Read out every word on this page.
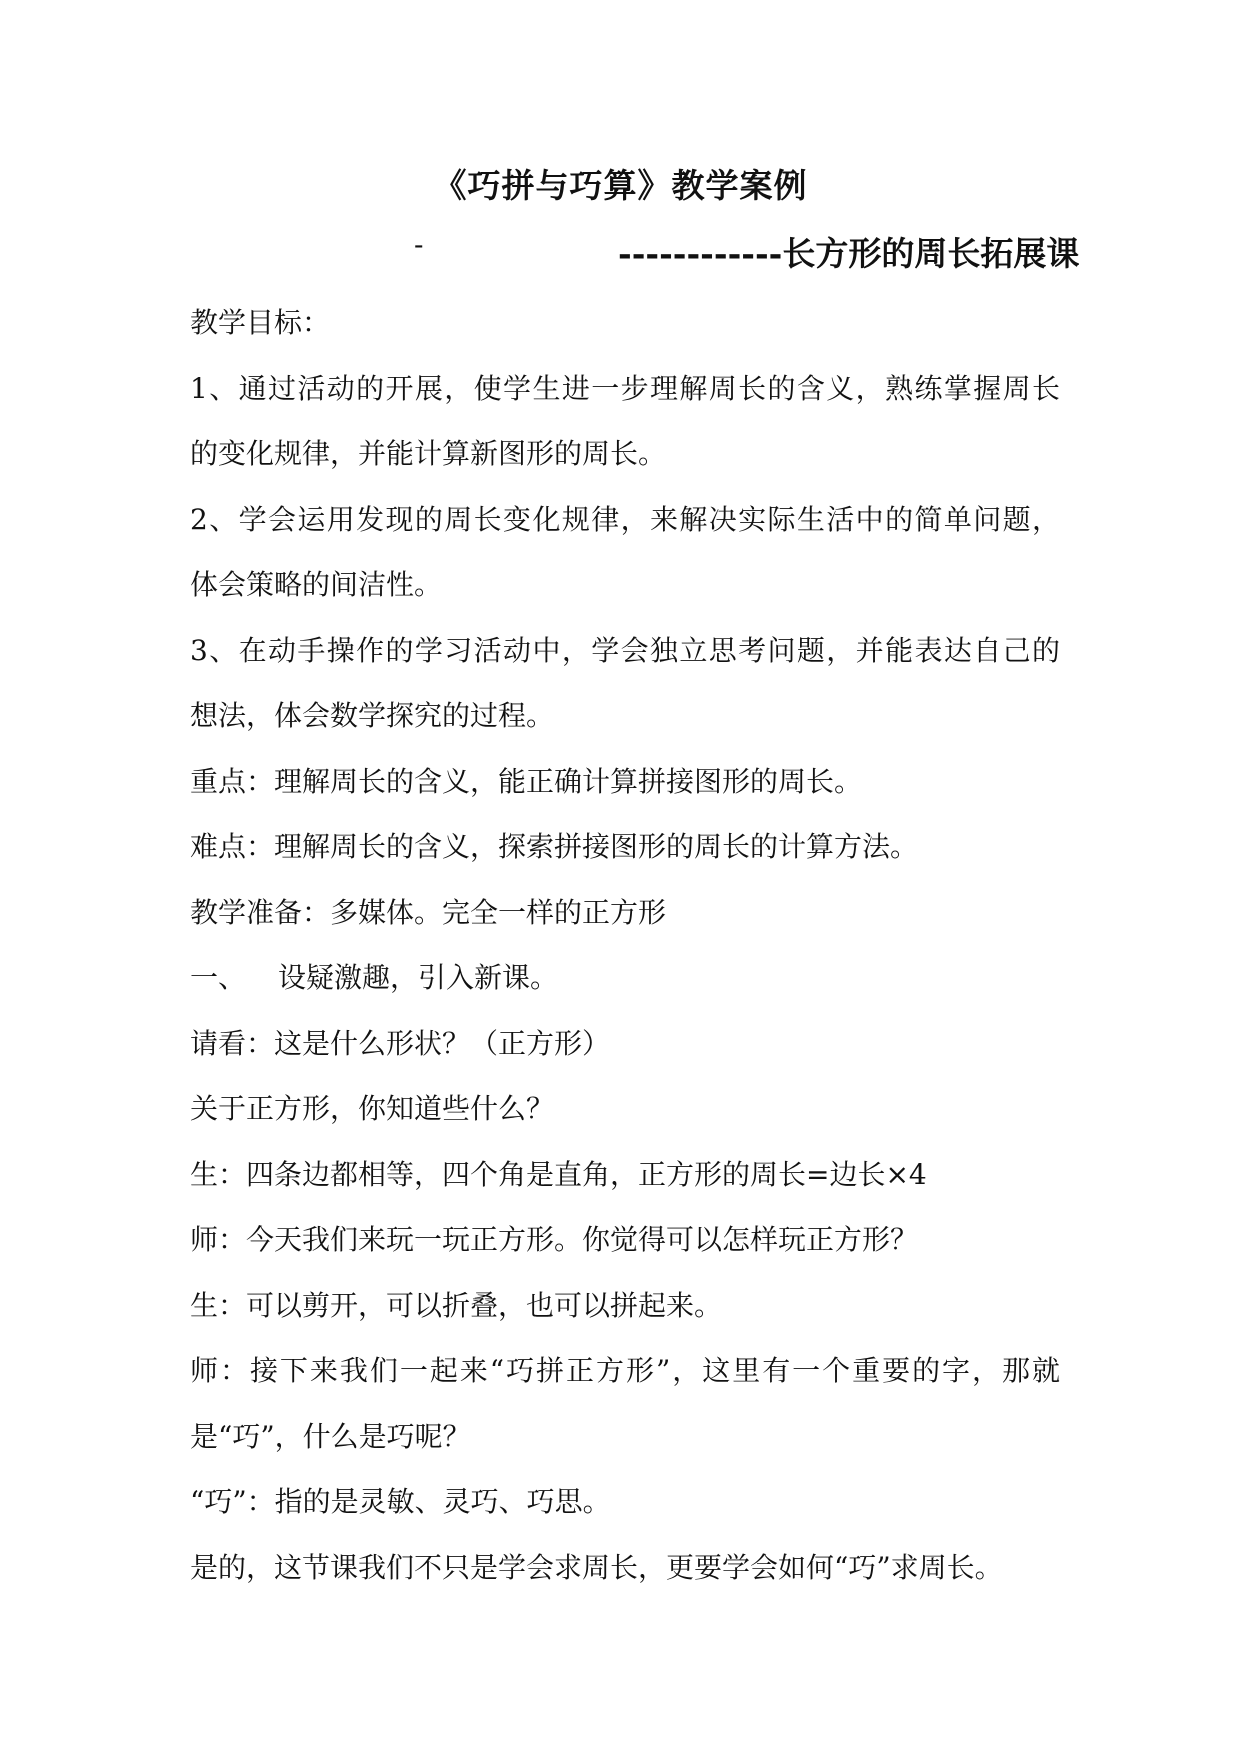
《巧拼与巧算》教学案例
-	------------长方形的周长拓展课
教学目标：
1、通过活动的开展，使学生进一步理解周长的含义，熟练掌握周长
的变化规律，并能计算新图形的周长。
2、学会运用发现的周长变化规律，来解决实际生活中的简单问题，
体会策略的间洁性。
3、在动手操作的学习活动中，学会独立思考问题，并能表达自己的
想法，体会数学探究的过程。
重点：理解周长的含义，能正确计算拼接图形的周长。
难点：理解周长的含义，探索拼接图形的周长的计算方法。
教学准备：多媒体。完全一样的正方形
一、 设疑激趣，引入新课。
请看：这是什么形状？（正方形）
关于正方形，你知道些什么？
生：四条边都相等，四个角是直角，正方形的周长=边长×4
师：今天我们来玩一玩正方形。你觉得可以怎样玩正方形？
生：可以剪开，可以折叠，也可以拼起来。
师：接下来我们一起来“巧拼正方形”，这里有一个重要的字，那就
是“巧”，什么是巧呢？
“巧”：指的是灵敏、灵巧、巧思。
是的，这节课我们不只是学会求周长，更要学会如何“巧”求周长。
